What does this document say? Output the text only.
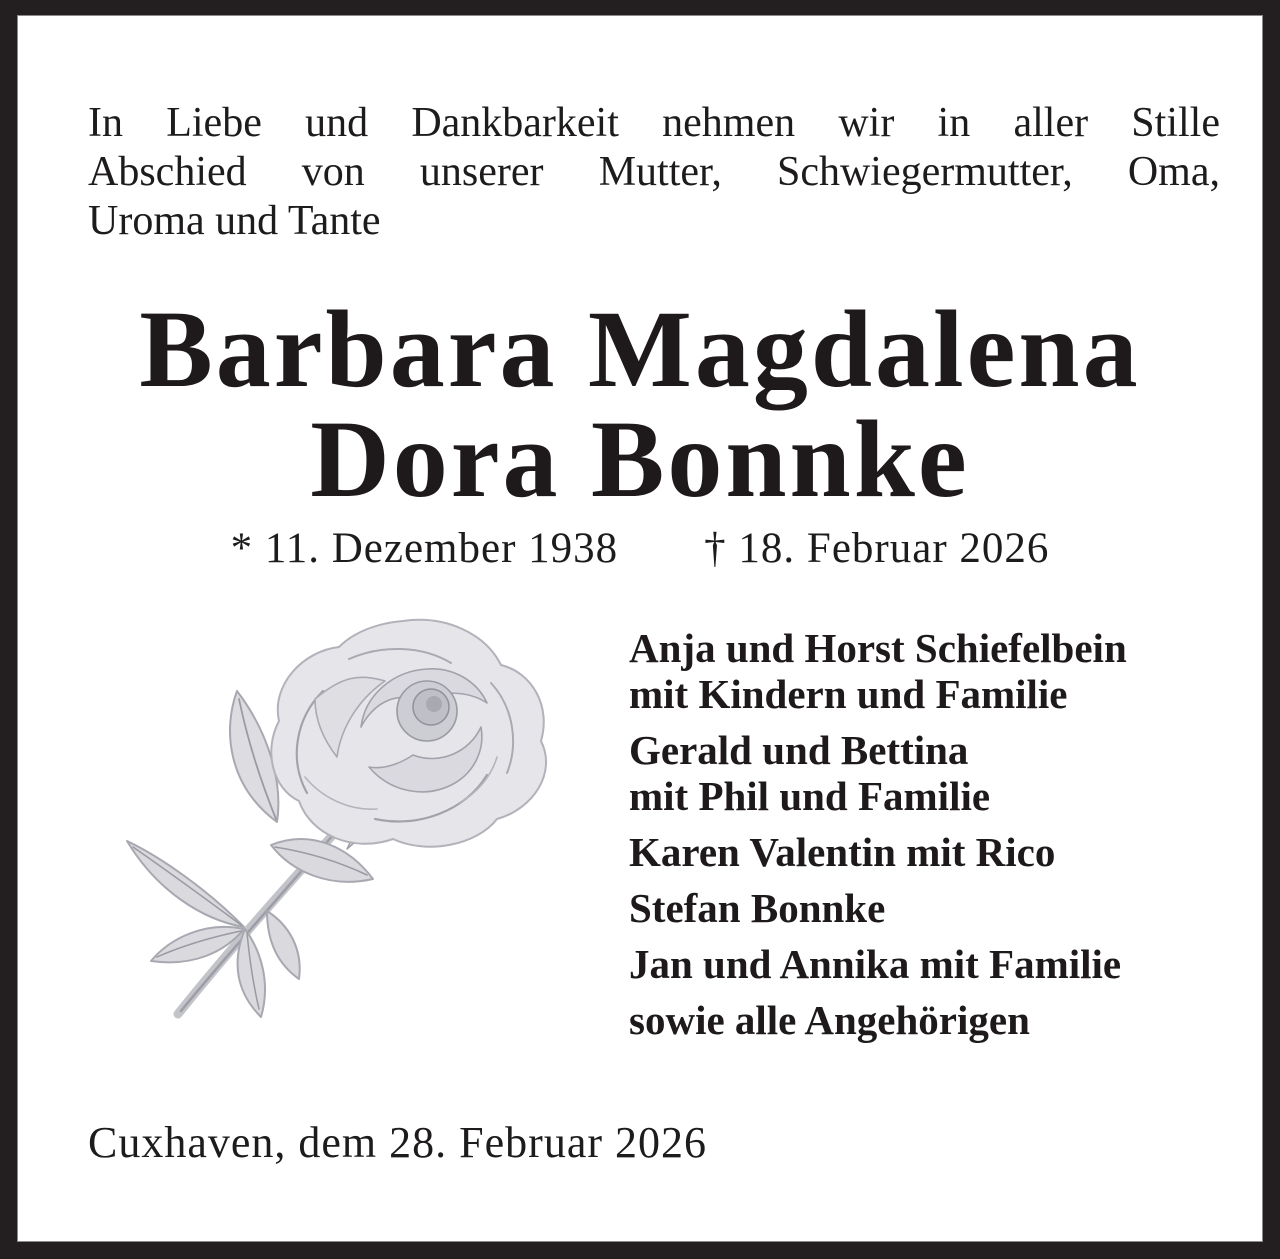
In Liebe und Dankbarkeit nehmen wir in aller Stille
Abschied von unserer Mutter, Schwiegermutter, Oma,
Uroma und Tante
Barbara Magdalena
Dora Bonnke
* 11. Dezember 1938 † 18. Februar 2026
Anja und Horst Schiefelbein
mit Kindern und Familie
Gerald und Bettina
mit Phil und Familie
Karen Valentin mit Rico
Stefan Bonnke
Jan und Annika mit Familie
sowie alle Angehörigen
Cuxhaven, dem 28. Februar 2026
